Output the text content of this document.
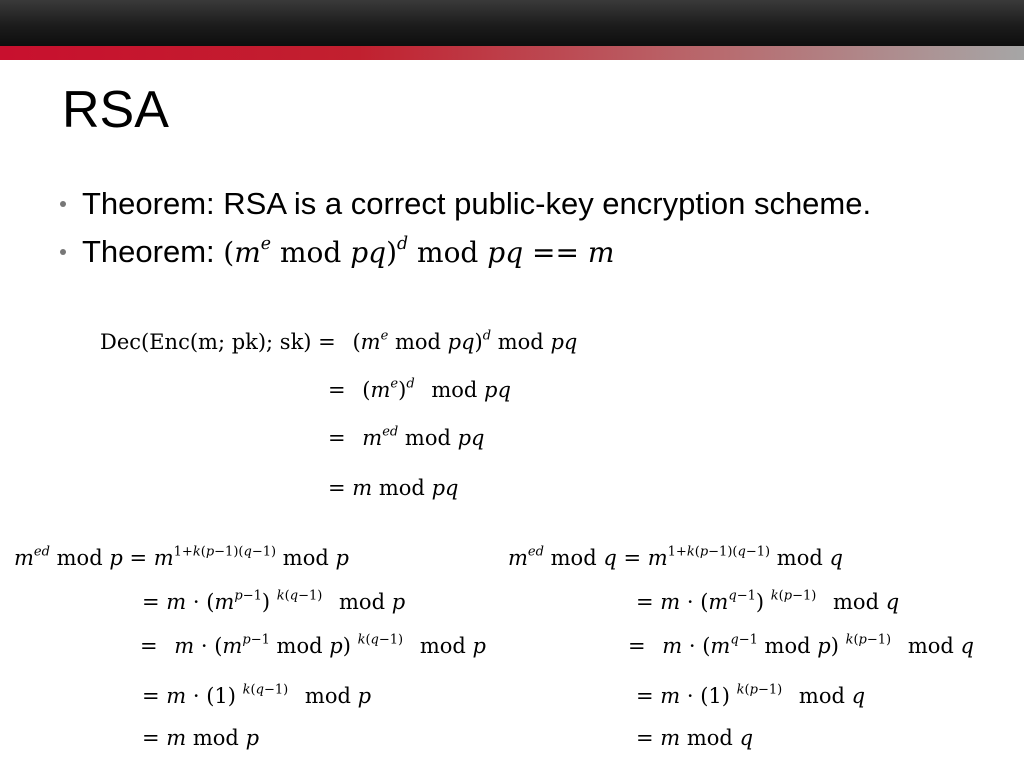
RSA
Theorem: RSA is a correct public-key encryption scheme.
Theorem: ($m^e$ mod pq)$^d$ mod pq == m
Dec(Enc(m; pk); $sk) = (m^e$ mod pq)$^d$ mod pq
= $(m^e)^d$ mod pq
= $m^{ed}$ mod pq
= m mod pq
$m^{ed}$ mod $p = m^{1+k(p-1)(q-1)}$ mod p
= $m \cdot (m^{p-1})$ $^{k(q-1)}$ mod p
= $m \cdot (m^{p-1}$ mod p) $^{k(q-1)}$ mod p
= m · (1) $^{k(q-1)}$ mod p
= m mod p
$m^{ed}$ mod $q = m^{1+k(p-1)(q-1)}$ mod q
= $m \cdot (m^{q-1})$ $^{k(p-1)}$ mod q
= $m \cdot (m^{q-1}$ mod p) $^{k(p-1)}$ mod q
= m · (1) $^{k(p-1)}$ mod q
= m mod q
